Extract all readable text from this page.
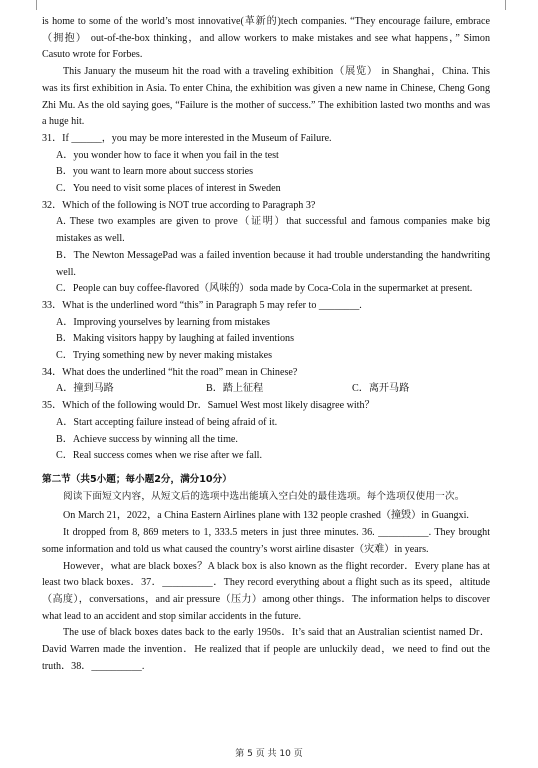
is home to some of the world’s most innovative(革新的)tech companies. “They encourage failure, embrace（拥抱） out-of-the-box thinking，and allow workers to make mistakes and see what happens，” Simon Casuto wrote for Forbes.

This January the museum hit the road with a traveling exhibition（展览） in Shanghai，China. This was its first exhibition in Asia. To enter China, the exhibition was given a new name in Chinese, Cheng Gong Zhi Mu. As the old saying goes, “Failure is the mother of success.” The exhibition lasted two months and was a huge hit.

31．If ______，you may be more interested in the Museum of Failure.

A．you wonder how to face it when you fail in the test

B．you want to learn more about success stories

C．You need to visit some places of interest in Sweden

32．Which of the following is NOT true according to Paragraph 3?

A. These two examples are given to prove（证明）that successful and famous companies make big mistakes as well.

B．The Newton MessagePad was a failed invention because it had trouble understanding the handwriting well.

C．People can buy coffee-flavored（风味的）soda made by Coca-Cola in the supermarket at present.

33．What is the underlined word “this” in Paragraph 5 may refer to ________.

A．Improving yourselves by learning from mistakes

B．Making visitors happy by laughing at failed inventions

C．Trying something new by never making mistakes

34．What does the underlined “hit the road” mean in Chinese?

A．撞到马路	B．踏上征程	C．离开马路

35．Which of the following would Dr．Samuel West most likely disagree with？

A．Start accepting failure instead of being afraid of it.

B．Achieve success by winning all the time.

C．Real success comes when we rise after we fall.

第二节（共5小题；每小题2分，满分10分）

阅读下面短文内容，从短文后的选项中选出能填入空白处的最佳选项。每个选项仅使用一次。

On March 21，2022，a China Eastern Airlines plane with 132 people crashed（撞毁）in Guangxi.

It dropped from 8, 869 meters to 1, 333.5 meters in just three minutes. 36. __________. They brought some information and told us what caused the country’s worst airline disaster（灾难）in years.

However，what are black boxes？A black box is also known as the flight recorder．Every plane has at least two black boxes．37．__________．They record everything about a flight such as its speed，altitude（高度），conversations，and air pressure（压力）among other things．The information helps to discover what lead to an accident and stop similar accidents in the future.

The use of black boxes dates back to the early 1950s．It’s said that an Australian scientist named Dr．David Warren made the invention．He realized that if people are unluckily dead，we need to find out the truth．38．__________.

第 5 页 共 10 页
